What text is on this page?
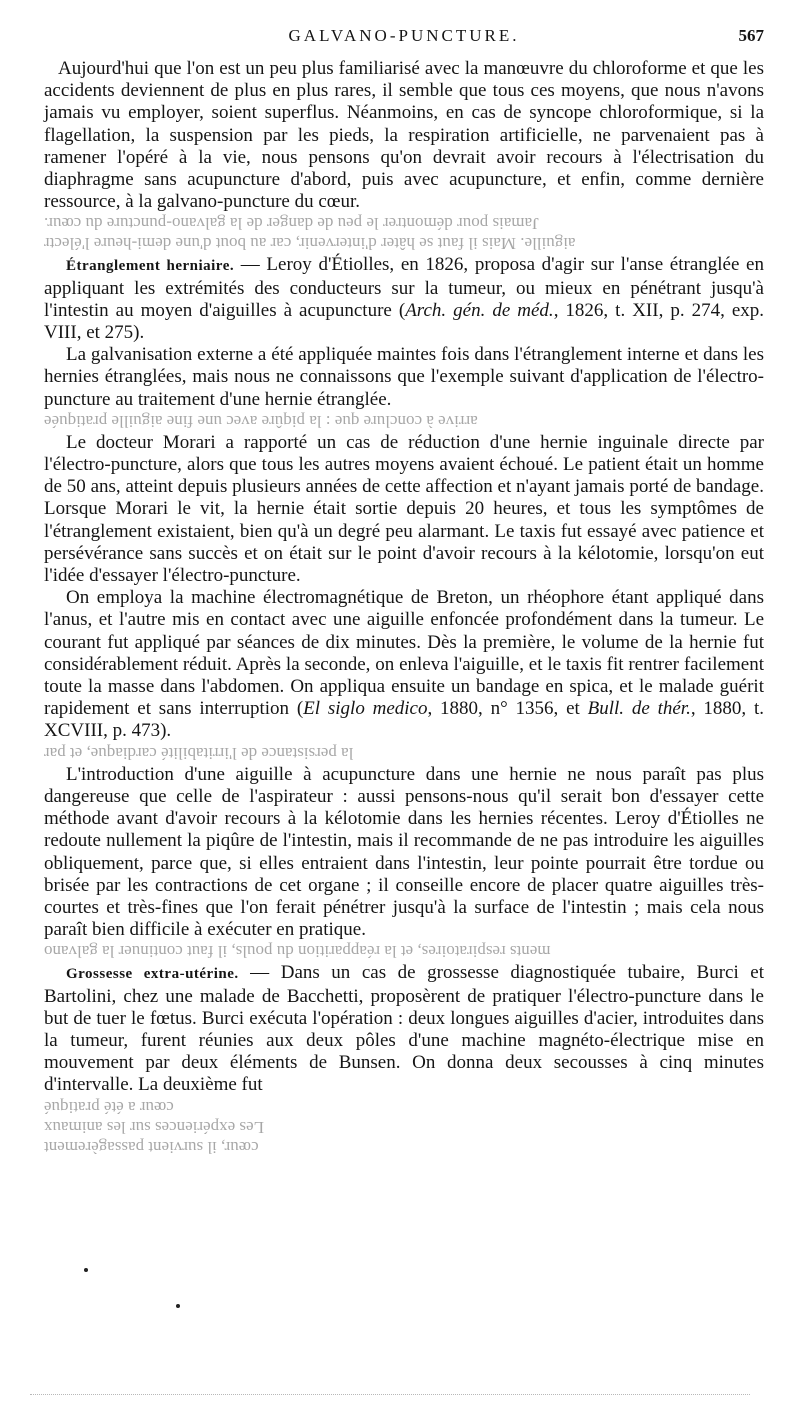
GALVANO-PUNCTURE.	567

Aujourd'hui que l'on est un peu plus familiarisé avec la manœuvre du chloroforme et que les accidents deviennent de plus en plus rares, il semble que tous ces moyens, que nous n'avons jamais vu employer, soient superflus. Néanmoins, en cas de syncope chloroformique, si la flagellation, la suspension par les pieds, la respiration artificielle, ne parvenaient pas à ramener l'opéré à la vie, nous pensons qu'on devrait avoir recours à l'électrisation du diaphragme sans acupuncture d'abord, puis avec acupuncture, et enfin, comme dernière ressource, à la galvano-puncture du cœur.

Jamais pour démontrer le peu de danger de la galvano-puncture du cœur.
aiguille. Mais il faut se hâter d'intervenir, car au bout d'une demi-heure l'électr

Étranglement herniaire. — Leroy d'Étiolles, en 1826, proposa d'agir sur l'anse étranglée en appliquant les extrémités des conducteurs sur la tumeur, ou mieux en pénétrant jusqu'à l'intestin au moyen d'aiguilles à acupuncture (Arch. gén. de méd., 1826, t. XII, p. 274, exp. VIII, et 275).

La galvanisation externe a été appliquée maintes fois dans l'étranglement interne et dans les hernies étranglées, mais nous ne connaissons que l'exemple suivant d'application de l'électro-puncture au traitement d'une hernie étranglée.

arrive à conclure que : la piqûre avec une fine aiguille pratiquée

Le docteur Morari a rapporté un cas de réduction d'une hernie inguinale directe par l'électro-puncture, alors que tous les autres moyens avaient échoué. Le patient était un homme de 50 ans, atteint depuis plusieurs années de cette affection et n'ayant jamais porté de bandage. Lorsque Morari le vit, la hernie était sortie depuis 20 heures, et tous les symptômes de l'étranglement existaient, bien qu'à un degré peu alarmant. Le taxis fut essayé avec patience et persévérance sans succès et on était sur le point d'avoir recours à la kélotomie, lorsqu'on eut l'idée d'essayer l'électro-puncture.

On employa la machine électromagnétique de Breton, un rhéophore étant appliqué dans l'anus, et l'autre mis en contact avec une aiguille enfoncée profondément dans la tumeur. Le courant fut appliqué par séances de dix minutes. Dès la première, le volume de la hernie fut considérablement réduit. Après la seconde, on enleva l'aiguille, et le taxis fit rentrer facilement toute la masse dans l'abdomen. On appliqua ensuite un bandage en spica, et le malade guérit rapidement et sans interruption (El siglo medico, 1880, n° 1356, et Bull. de thér., 1880, t. XCVIII, p. 473).

la persistance de l'irritabilité cardiaque, et par

L'introduction d'une aiguille à acupuncture dans une hernie ne nous paraît pas plus dangereuse que celle de l'aspirateur : aussi pensons-nous qu'il serait bon d'essayer cette méthode avant d'avoir recours à la kélotomie dans les hernies récentes. Leroy d'Étiolles ne redoute nullement la piqûre de l'intestin, mais il recommande de ne pas introduire les aiguilles obliquement, parce que, si elles entraient dans l'intestin, leur pointe pourrait être tordue ou brisée par les contractions de cet organe ; il conseille encore de placer quatre aiguilles très-courtes et très-fines que l'on ferait pénétrer jusqu'à la surface de l'intestin ; mais cela nous paraît bien difficile à exécuter en pratique.

ments respiratoires, et la réapparition du pouls, il faut continuer la galvano

Grossesse extra-utérine. — Dans un cas de grossesse diagnostiquée tubaire, Burci et Bartolini, chez une malade de Bacchetti, proposèrent de pratiquer l'électro-puncture dans le but de tuer le fœtus. Burci exécuta l'opération : deux longues aiguilles d'acier, introduites dans la tumeur, furent réunies aux deux pôles d'une machine magnéto-électrique mise en mouvement par deux éléments de Bunsen. On donna deux secousses à cinq minutes d'intervalle. La deuxième fut

cœur a été pratiqué
Les expériences sur les animaux
cœur, il survient passagèrement
